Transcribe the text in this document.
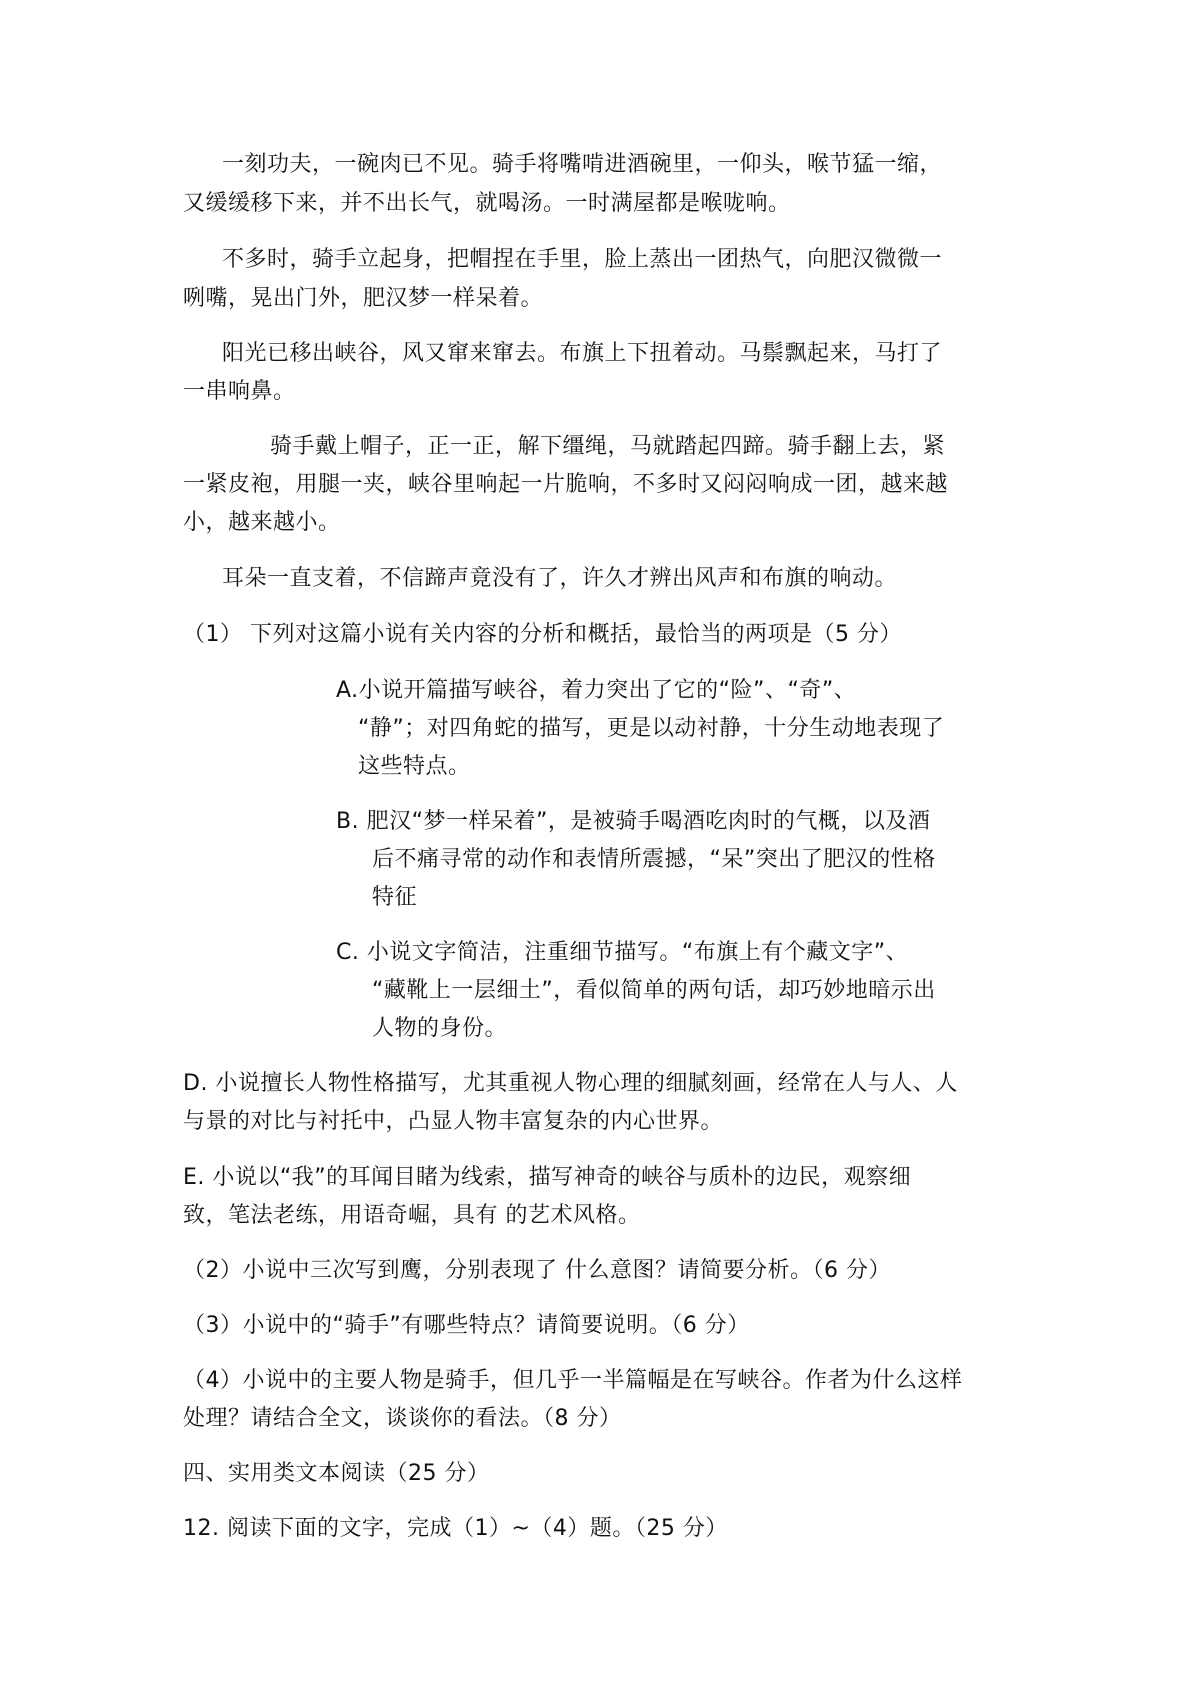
一刻功夫，一碗肉已不见。骑手将嘴啃进酒碗里，一仰头，喉节猛一缩，
又缓缓移下来，并不出长气，就喝汤。一时满屋都是喉咙响。
不多时，骑手立起身，把帽捏在手里，脸上蒸出一团热气，向肥汉微微一
咧嘴，晃出门外，肥汉梦一样呆着。
阳光已移出峡谷，风又窜来窜去。布旗上下扭着动。马鬃飘起来，马打了
一串响鼻。
骑手戴上帽子，正一正，解下缰绳，马就踏起四蹄。骑手翻上去，紧
一紧皮袍，用腿一夹，峡谷里响起一片脆响，不多时又闷闷响成一团，越来越
小，越来越小。
耳朵一直支着，不信蹄声竟没有了，许久才辨出风声和布旗的响动。
（1） 下列对这篇小说有关内容的分析和概括，最恰当的两项是（5 分）
A.小说开篇描写峡谷，着力突出了它的“险”、“奇”、
“静”；对四角蛇的描写，更是以动衬静，十分生动地表现了
这些特点。
B. 肥汉“梦一样呆着”，是被骑手喝酒吃肉时的气概，以及酒
后不痛寻常的动作和表情所震撼，“呆”突出了肥汉的性格
特征
C. 小说文字简洁，注重细节描写。“布旗上有个藏文字”、
“藏靴上一层细土”，看似简单的两句话，却巧妙地暗示出
人物的身份。
D. 小说擅长人物性格描写，尤其重视人物心理的细腻刻画，经常在人与人、人
与景的对比与衬托中，凸显人物丰富复杂的内心世界。
E. 小说以“我”的耳闻目睹为线索，描写神奇的峡谷与质朴的边民，观察细
致，笔法老练，用语奇崛，具有 的艺术风格。
（2）小说中三次写到鹰，分别表现了 什么意图？请简要分析。（6 分）
（3）小说中的“骑手”有哪些特点？请简要说明。（6 分）
（4）小说中的主要人物是骑手，但几乎一半篇幅是在写峡谷。作者为什么这样
处理？请结合全文，谈谈你的看法。（8 分）
四、实用类文本阅读（25 分）
12. 阅读下面的文字，完成（1）~（4）题。（25 分）
